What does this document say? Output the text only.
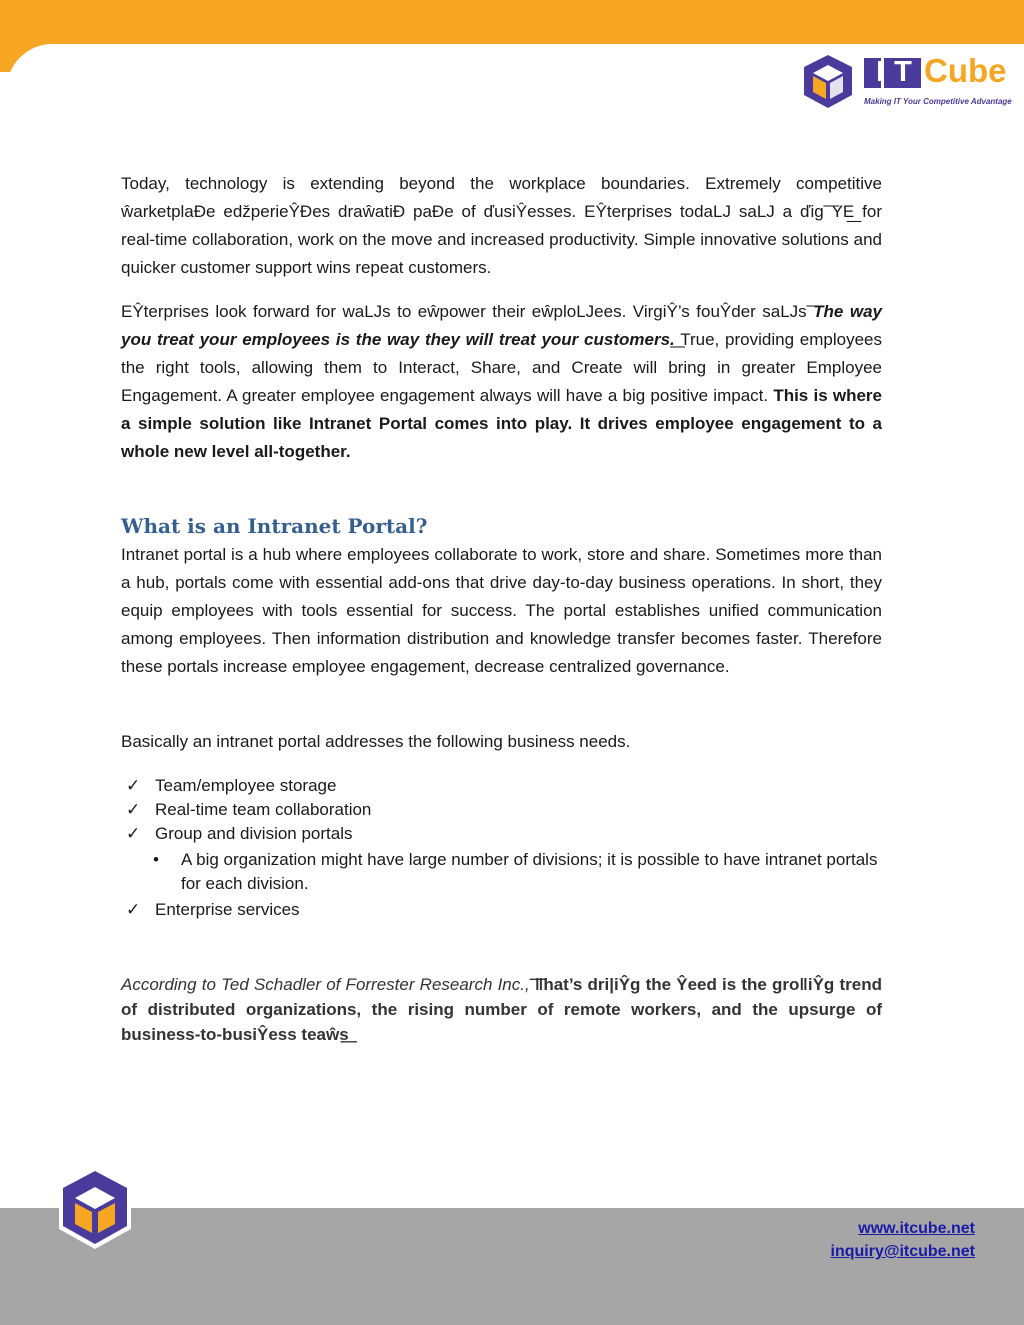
IT Cube
Making IT Your Competitive Advantage

Today, technology is extending beyond the workplace boundaries. Extremely competitive ŵarketplaĐe edžperieŶĐes draŵatiĐ paĐe of ďusiŶesses. EŶterprises todaLJ saLJ a ďig ͞YE͟ for real-time collaboration, work on the move and increased productivity. Simple innovative solutions and quicker customer support wins repeat customers.

EŶterprises look forward for waLJs to eŵpower their eŵploLJees. VirgiŶ’s fouŶder saLJs ͞The way you treat your employees is the way they will treat your customers.͟ True, providing employees the right tools, allowing them to Interact, Share, and Create will bring in greater Employee Engagement. A greater employee engagement always will have a big positive impact. This is where a simple solution like Intranet Portal comes into play. It drives employee engagement to a whole new level all-together.

What is an Intranet Portal?

Intranet portal is a hub where employees collaborate to work, store and share. Sometimes more than a hub, portals come with essential add-ons that drive day-to-day business operations. In short, they equip employees with tools essential for success. The portal establishes unified communication among employees. Then information distribution and knowledge transfer becomes faster. Therefore these portals increase employee engagement, decrease centralized governance.

Basically an intranet portal addresses the following business needs.

✓ Team/employee storage
✓ Real-time team collaboration
✓ Group and division portals
• A big organization might have large number of divisions; it is possible to have intranet portals for each division.
✓ Enterprise services

According to Ted Schadler of Forrester Research Inc., ͞‖hat’s dri|iŶg the Ŷeed is the gro‖iŶg trend of distributed organizations, the rising number of remote workers, and the upsurge of business-to-busiŶess teaŵs͟

www.itcube.net
inquiry@itcube.net
